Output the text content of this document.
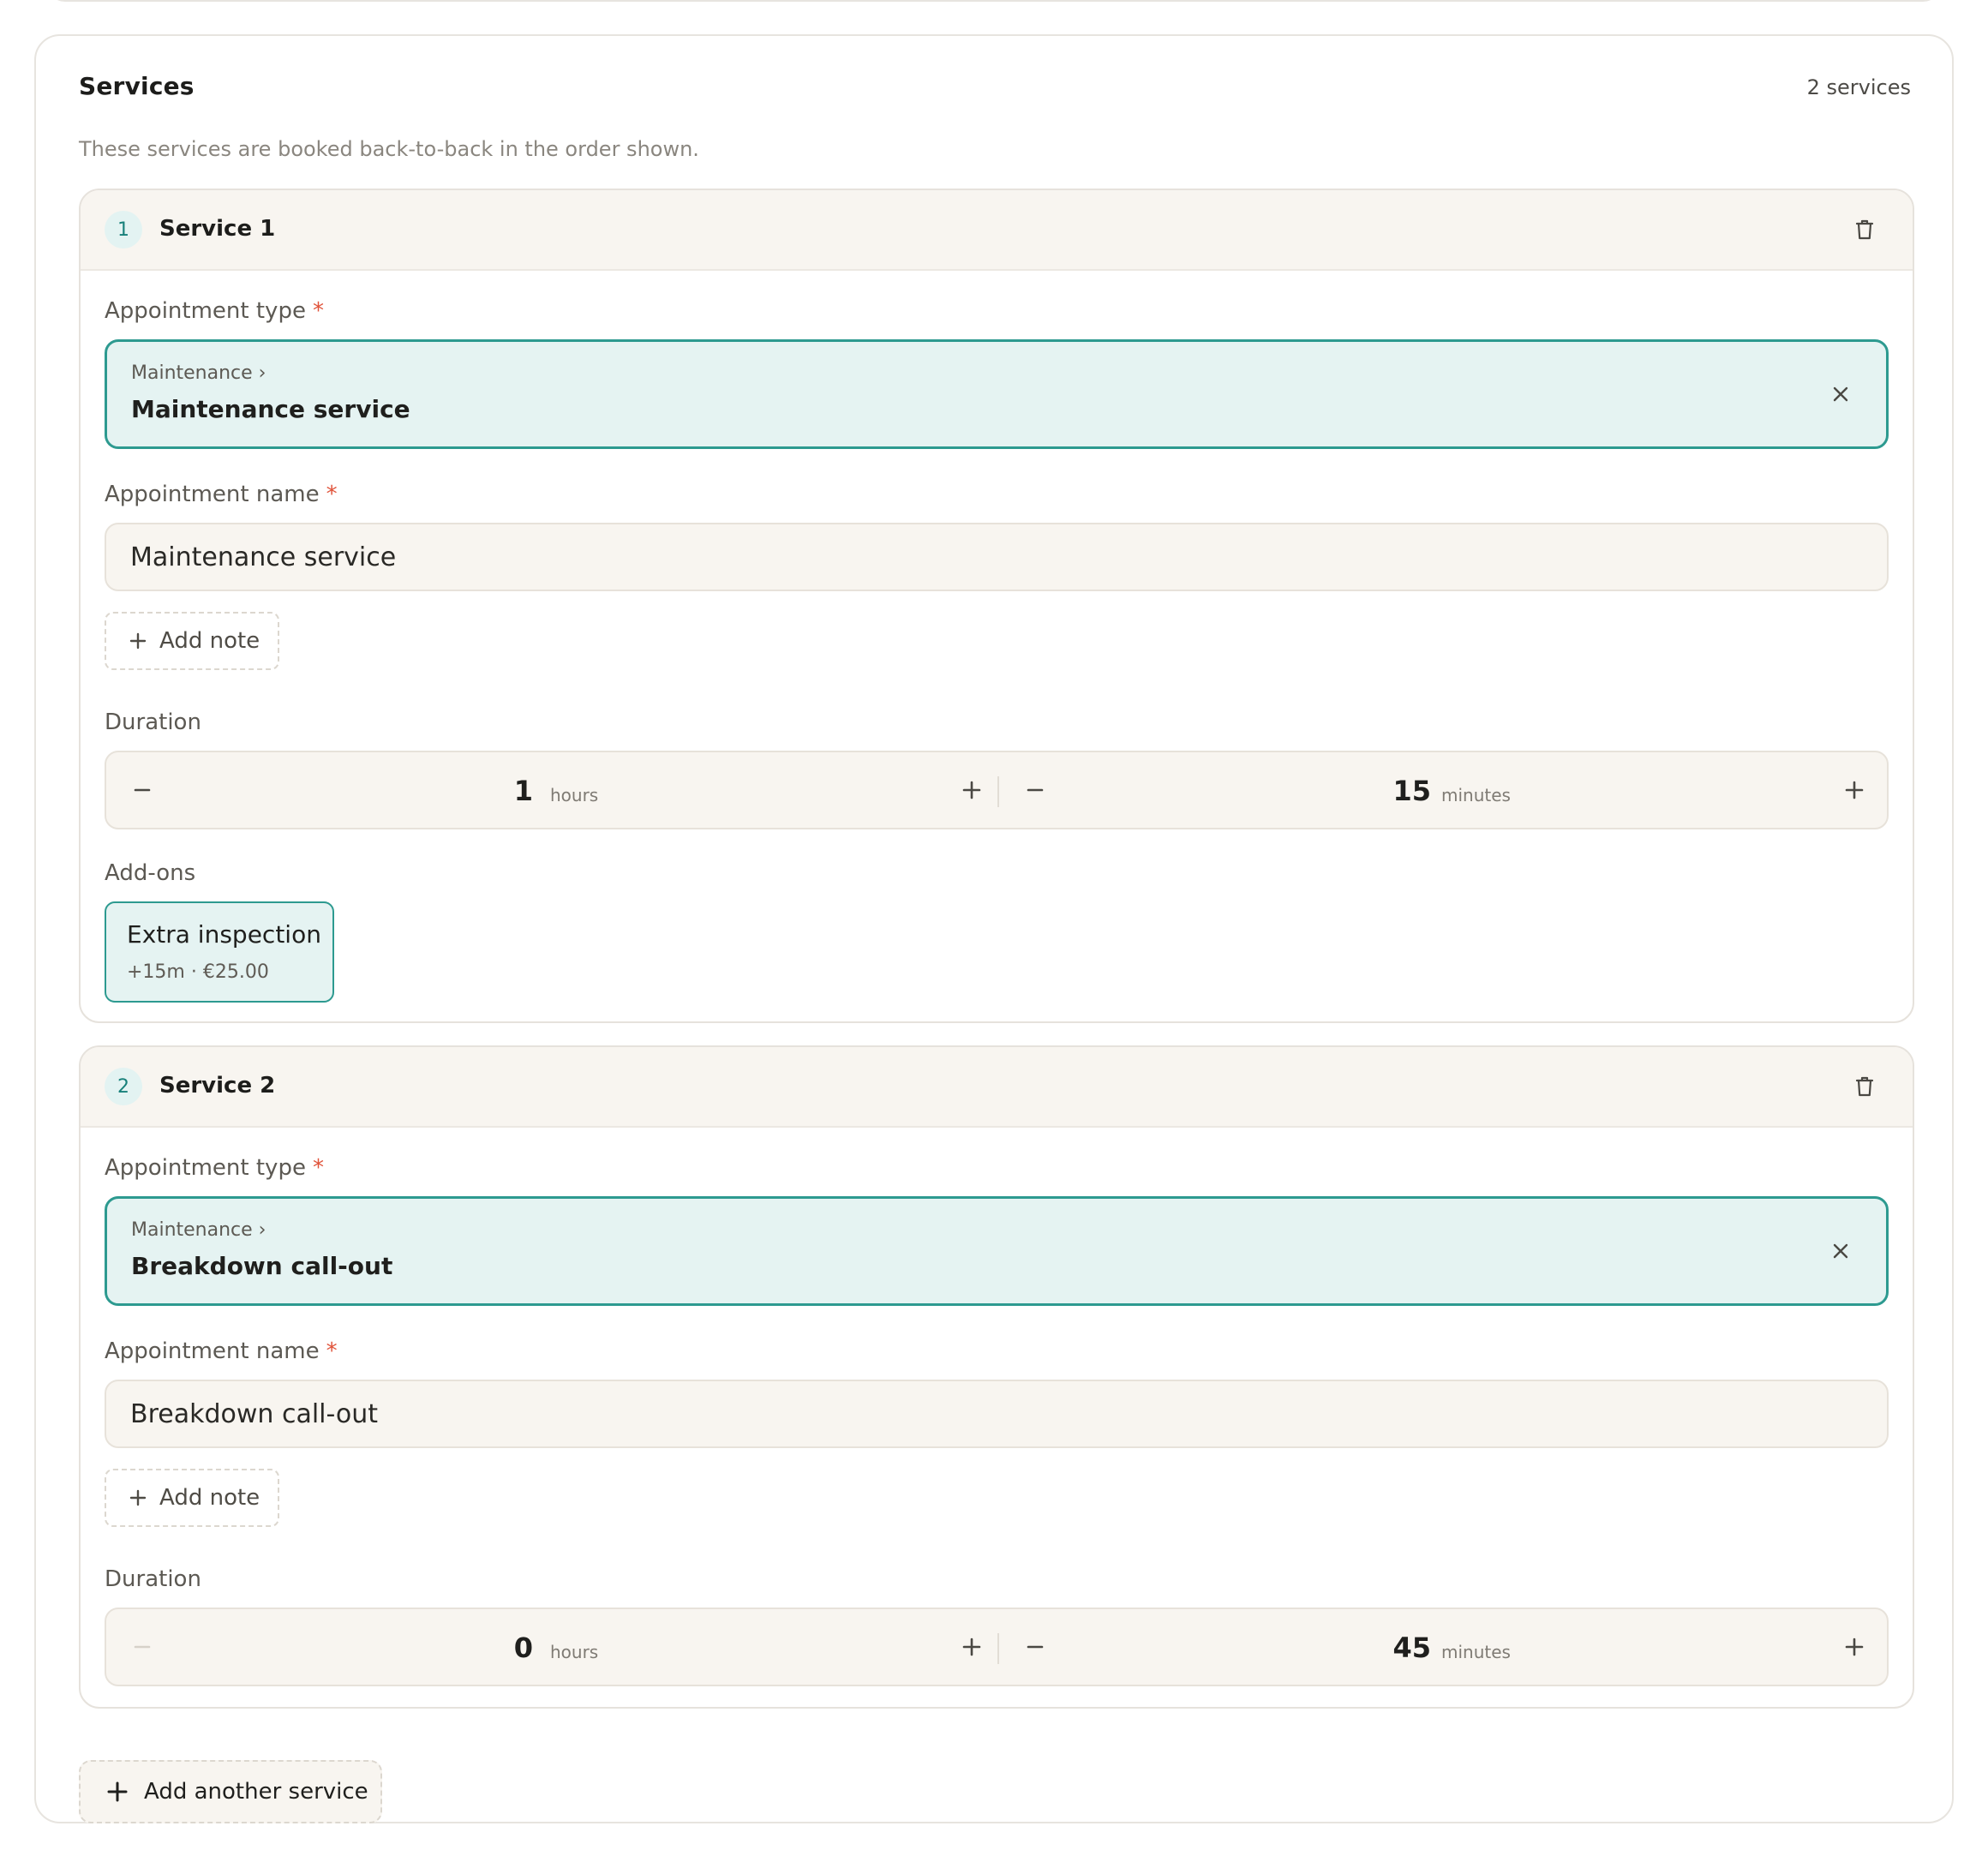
Services	2 services
These services are booked back-to-back in the order shown.
1	Service 1
Appointment type *
Maintenance ›
Maintenance service
Appointment name *
Maintenance service
Add note
Duration
1 hours	15 minutes
Add-ons
Extra inspection
+15m · €25.00
2	Service 2
Appointment type *
Maintenance ›
Breakdown call-out
Appointment name *
Breakdown call-out
Add note
Duration
0 hours	45 minutes
Add another service
